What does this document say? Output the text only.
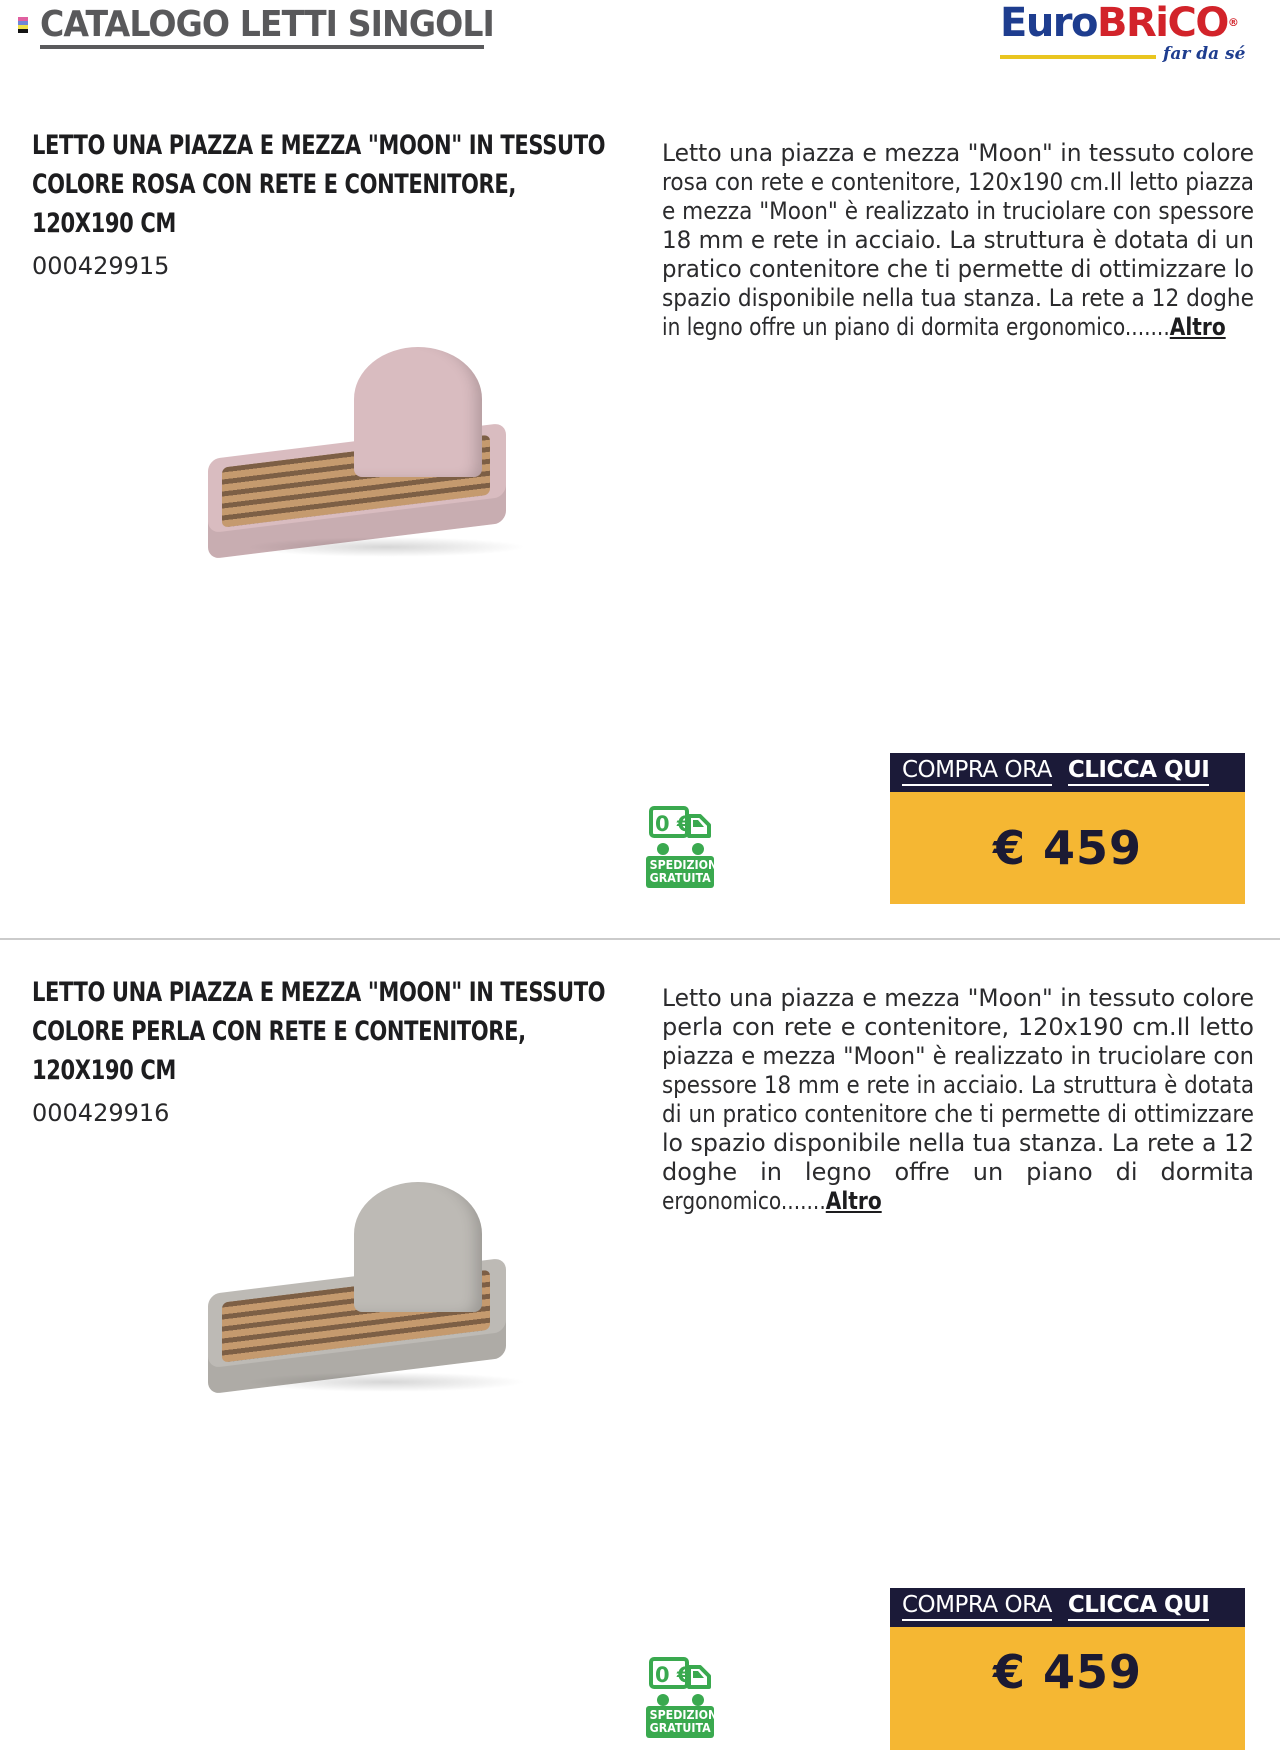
CATALOGO LETTI SINGOLI	EuroBRiCO®
far da sé
LETTO UNA PIAZZA E MEZZA "MOON" IN TESSUTO
COLORE ROSA CON RETE E CONTENITORE,
120X190 CM
000429915
Letto una piazza e mezza "Moon" in tessuto colore
rosa con rete e contenitore, 120x190 cm.Il letto piazza
e mezza "Moon" è realizzato in truciolare con spessore
18 mm e rete in acciaio. La struttura è dotata di un
pratico contenitore che ti permette di ottimizzare lo
spazio disponibile nella tua stanza. La rete a 12 doghe
in legno offre un piano di dormita ergonomico.......Altro
0 €
SPEDIZIONE
GRATUITA
COMPRA ORA CLICCA QUI
€ 459
LETTO UNA PIAZZA E MEZZA "MOON" IN TESSUTO
COLORE PERLA CON RETE E CONTENITORE,
120X190 CM
000429916
Letto una piazza e mezza "Moon" in tessuto colore
perla con rete e contenitore, 120x190 cm.Il letto
piazza e mezza "Moon" è realizzato in truciolare con
spessore 18 mm e rete in acciaio. La struttura è dotata
di un pratico contenitore che ti permette di ottimizzare
lo spazio disponibile nella tua stanza. La rete a 12
doghe in legno offre un piano di dormita
ergonomico.......Altro
0 €
SPEDIZIONE
GRATUITA
COMPRA ORA CLICCA QUI
€ 459
